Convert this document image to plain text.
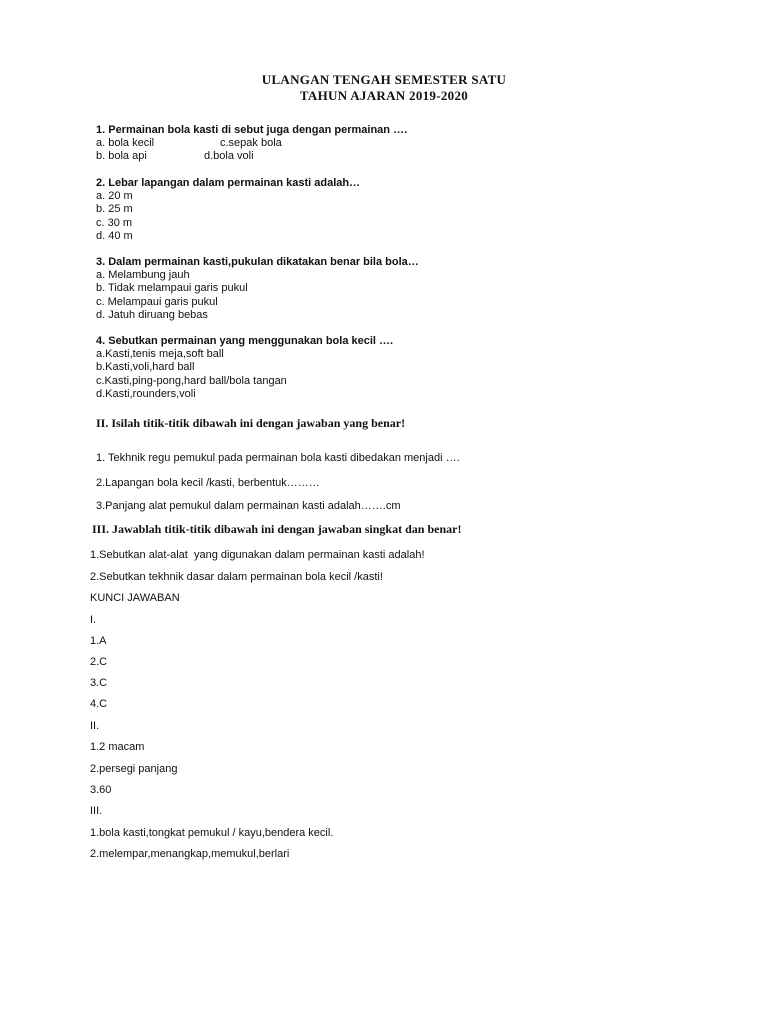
ULANGAN TENGAH SEMESTER SATU
TAHUN AJARAN 2019-2020
1. Permainan bola kasti di sebut juga dengan permainan ….
a. bola kecil	c.sepak bola
b. bola api	d.bola voli
2. Lebar lapangan dalam permainan kasti adalah…
a. 20 m
b. 25 m
c. 30 m
d. 40 m
3. Dalam permainan kasti,pukulan dikatakan benar bila bola…
a. Melambung jauh
b. Tidak melampaui garis pukul
c. Melampaui garis pukul
d. Jatuh diruang bebas
4. Sebutkan permainan yang menggunakan bola kecil ….
a.Kasti,tenis meja,soft ball
b.Kasti,voli,hard ball
c.Kasti,ping-pong,hard ball/bola tangan
d.Kasti,rounders,voli
II. Isilah titik-titik dibawah ini dengan jawaban yang benar!
1. Tekhnik regu pemukul pada permainan bola kasti dibedakan menjadi ….
2.Lapangan bola kecil /kasti, berbentuk………
3.Panjang alat pemukul dalam permainan kasti adalah…….cm
III. Jawablah titik-titik dibawah ini dengan jawaban singkat dan benar!
1.Sebutkan alat-alat  yang digunakan dalam permainan kasti adalah!
2.Sebutkan tekhnik dasar dalam permainan bola kecil /kasti!
KUNCI JAWABAN
I.
1.A
2.C
3.C
4.C
II.
1.2 macam
2.persegi panjang
3.60
III.
1.bola kasti,tongkat pemukul / kayu,bendera kecil.
2.melempar,menangkap,memukul,berlari
